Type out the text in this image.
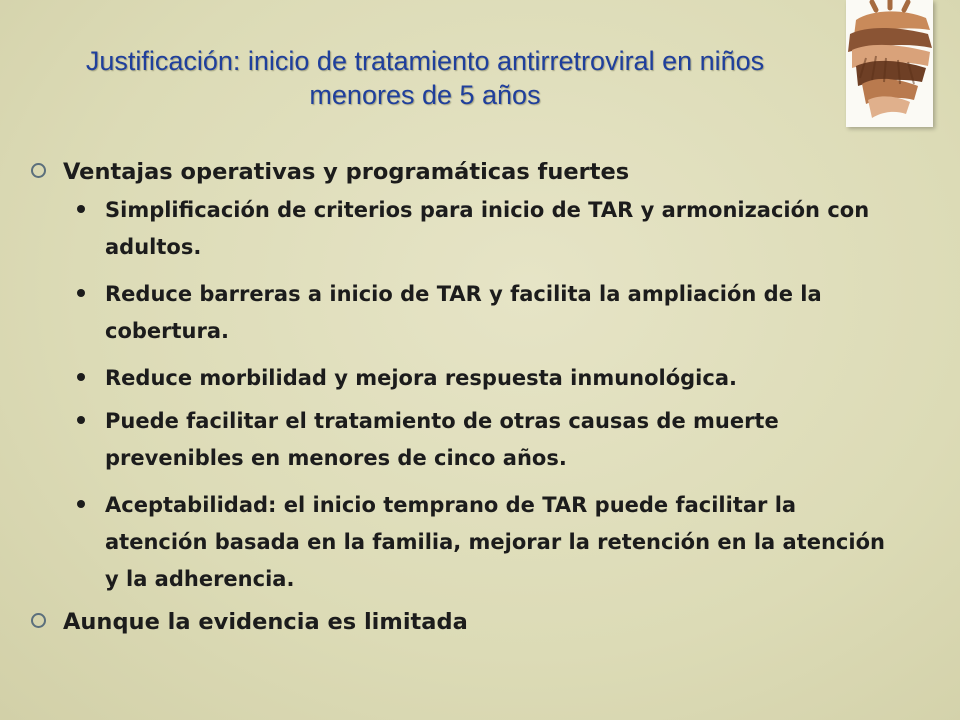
Justificación: inicio de tratamiento antirretroviral en niños
menores de 5 años
Ventajas operativas y programáticas fuertes
Simplificación de criterios para inicio de TAR y armonización con adultos.
Reduce barreras a inicio de TAR y facilita la ampliación de la cobertura.
Reduce morbilidad y mejora respuesta inmunológica.
Puede facilitar el tratamiento de otras causas de muerte prevenibles en menores de cinco años.
Aceptabilidad: el inicio temprano de TAR puede facilitar la atención basada en la familia, mejorar la retención en la atención y la adherencia.
Aunque la evidencia es limitada
